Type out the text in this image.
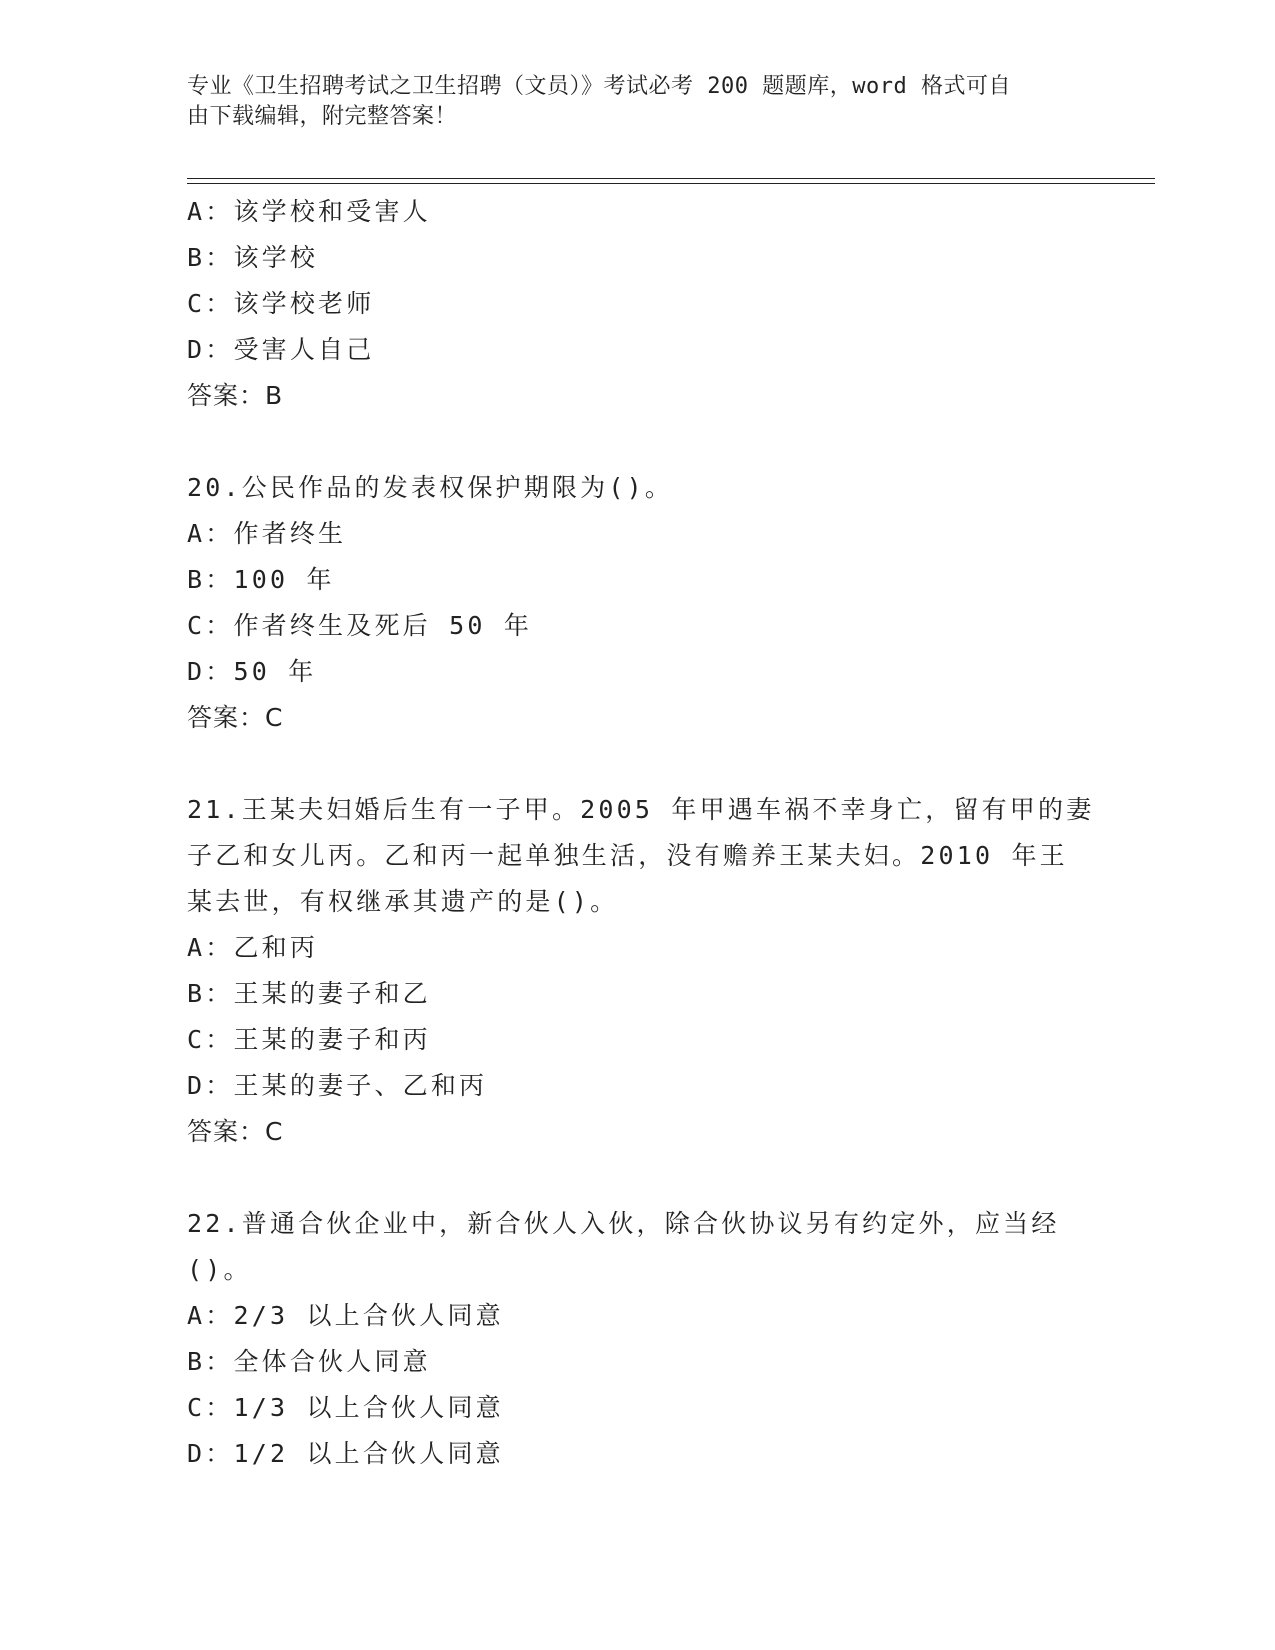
专业《卫生招聘考试之卫生招聘（文员）》考试必考 200 题题库，word 格式可自
由下载编辑，附完整答案！
A：该学校和受害人
B：该学校
C：该学校老师
D：受害人自己
答案：B
20.公民作品的发表权保护期限为()。
A：作者终生
B：100 年
C：作者终生及死后 50 年
D：50 年
答案：C
21.王某夫妇婚后生有一子甲。2005 年甲遇车祸不幸身亡，留有甲的妻
子乙和女儿丙。乙和丙一起单独生活，没有赡养王某夫妇。2010 年王
某去世，有权继承其遗产的是()。
A：乙和丙
B：王某的妻子和乙
C：王某的妻子和丙
D：王某的妻子、乙和丙
答案：C
22.普通合伙企业中，新合伙人入伙，除合伙协议另有约定外，应当经
()。
A：2/3 以上合伙人同意
B：全体合伙人同意
C：1/3 以上合伙人同意
D：1/2 以上合伙人同意
